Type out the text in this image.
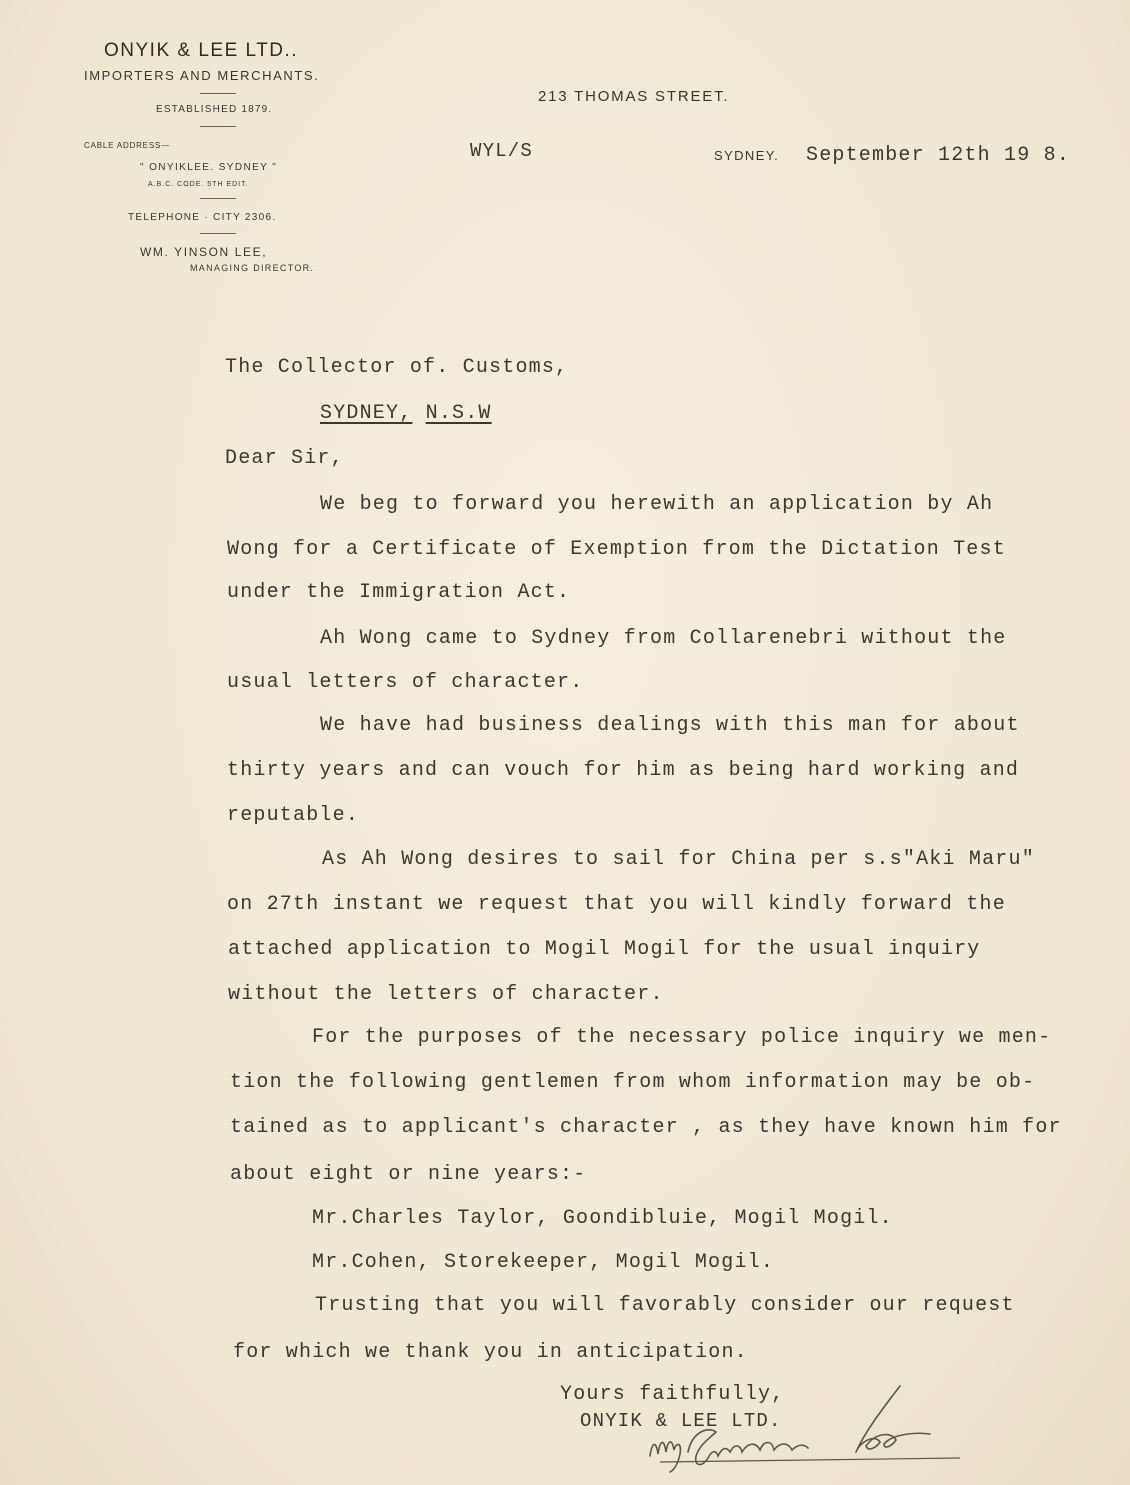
ONYIK & LEE LTD..
IMPORTERS AND MERCHANTS.
ESTABLISHED 1879.
CABLE ADDRESS—
" ONYIKLEE. SYDNEY "
A.B.C. CODE. 5TH EDIT.
TELEPHONE · CITY 2306.
WM. YINSON LEE,
MANAGING DIRECTOR.
213 THOMAS STREET.
WYL/S	SYDNEY. September 12th 19 8.
The Collector of. Customs,
SYDNEY, N.S.W
Dear Sir,
We beg to forward you herewith an application by Ah
Wong for a Certificate of Exemption from the Dictation Test
under the Immigration Act.
Ah Wong came to Sydney from Collarenebri without the
usual letters of character.
We have had business dealings with this man for about
thirty years and can vouch for him as being hard working and
reputable.
As Ah Wong desires to sail for China per s.s"Aki Maru"
on 27th instant we request that you will kindly forward the
attached application to Mogil Mogil for the usual inquiry
without the letters of character.
For the purposes of the necessary police inquiry we men-
tion the following gentlemen from whom information may be ob-
tained as to applicant's character , as they have known him for
about eight or nine years:-
Mr.Charles Taylor, Goondibluie, Mogil Mogil.
Mr.Cohen, Storekeeper, Mogil Mogil.
Trusting that you will favorably consider our request
for which we thank you in anticipation.
Yours faithfully,
ONYIK & LEE LTD.
